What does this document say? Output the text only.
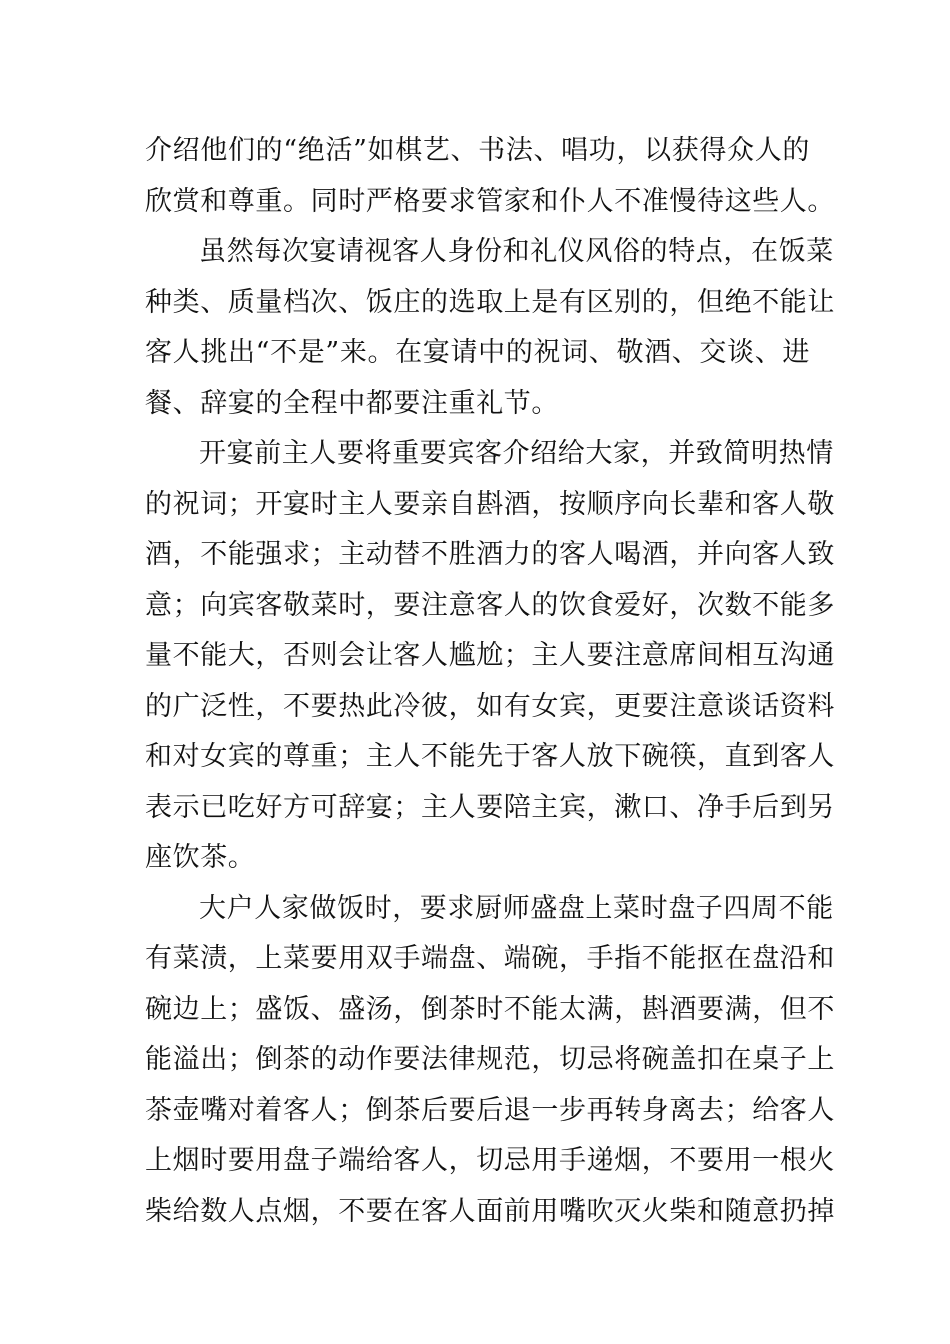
介绍他们的“绝活”如棋艺、书法、唱功，以获得众人的
欣赏和尊重。同时严格要求管家和仆人不准慢待这些人。
虽然每次宴请视客人身份和礼仪风俗的特点，在饭菜
种类、质量档次、饭庄的选取上是有区别的，但绝不能让
客人挑出“不是”来。在宴请中的祝词、敬酒、交谈、进
餐、辞宴的全程中都要注重礼节。
开宴前主人要将重要宾客介绍给大家，并致简明热情
的祝词；开宴时主人要亲自斟酒，按顺序向长辈和客人敬
酒，不能强求；主动替不胜酒力的客人喝酒，并向客人致
意；向宾客敬菜时，要注意客人的饮食爱好，次数不能多
量不能大，否则会让客人尴尬；主人要注意席间相互沟通
的广泛性，不要热此冷彼，如有女宾，更要注意谈话资料
和对女宾的尊重；主人不能先于客人放下碗筷，直到客人
表示已吃好方可辞宴；主人要陪主宾，漱口、净手后到另
座饮茶。
大户人家做饭时，要求厨师盛盘上菜时盘子四周不能
有菜渍，上菜要用双手端盘、端碗，手指不能抠在盘沿和
碗边上；盛饭、盛汤，倒茶时不能太满，斟酒要满，但不
能溢出；倒茶的动作要法律规范，切忌将碗盖扣在桌子上
茶壶嘴对着客人；倒茶后要后退一步再转身离去；给客人
上烟时要用盘子端给客人，切忌用手递烟，不要用一根火
柴给数人点烟，不要在客人面前用嘴吹灭火柴和随意扔掉
